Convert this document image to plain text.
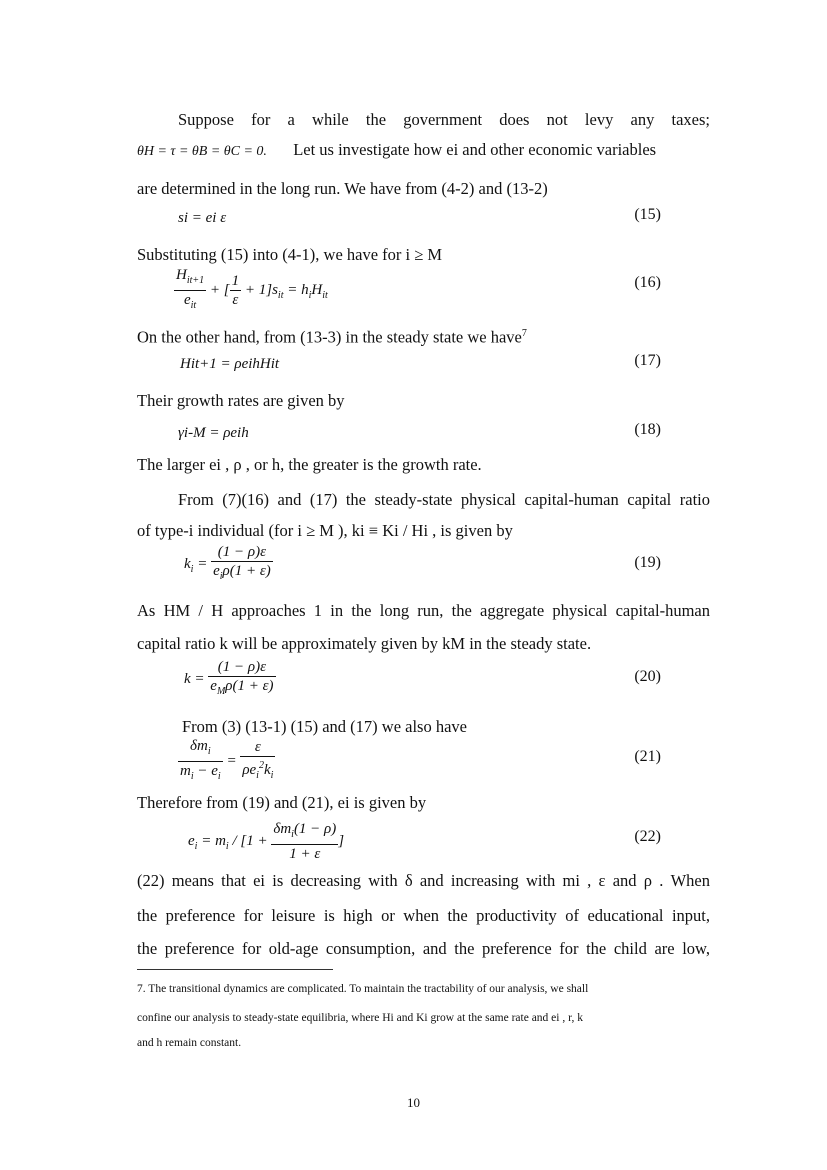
Suppose for a while the government does not levy any taxes;
θH = τ = θB = θC = 0. Let us investigate how ei and other economic variables
are determined in the long run. We have from (4-2) and (13-2)
si = ei ε	(15)
Substituting (15) into (4-1), we have for i ≥ M
$\frac{H_{it+1}}{e_{it}}$ + [ $\frac{1}{\varepsilon} + 1]s_{it} = h_iH_{it}$
(16)
On the other hand, from (13-3) in the steady state we have$^7$
Hit+1 = ρeihHit	(17)
Their growth rates are given by
γi-M = ρeih	(18)
The larger ei , ρ , or h, the greater is the growth rate.
From (7)(16) and (17) the steady-state physical capital-human capital ratio
of type-i individual (for i ≥ M ), ki ≡ Ki / Hi , is given by
$k_i = \frac{(1 - \rho)\varepsilon}{e_i\rho(1 + \varepsilon)}$	(19)
As HM / H approaches 1 in the long run, the aggregate physical capital-human
capital ratio k will be approximately given by kM in the steady state.
$k = \frac{(1 - \rho)\varepsilon}{e_M\rho(1 + \varepsilon)}$	(20)
From (3) (13-1) (15) and (17) we also have
$\frac{\delta m_i}{m_i - e_i} = \frac{\varepsilon}{\rho e_i^2k_i}$	(21)
Therefore from (19) and (21), ei is given by
$e_i = m_i / [1 + \frac{\delta m_i(1 - \rho)}{1 + \varepsilon}$ ]	(22)
(22) means that ei is decreasing with δ and increasing with mi , ε and ρ . When
the preference for leisure is high or when the productivity of educational input,
the preference for old-age consumption, and the preference for the child are low,
7. The transitional dynamics are complicated. To maintain the tractability of our analysis, we shall
confine our analysis to steady-state equilibria, where Hi and Ki grow at the same rate and ei , r, k
and h remain constant.
10
